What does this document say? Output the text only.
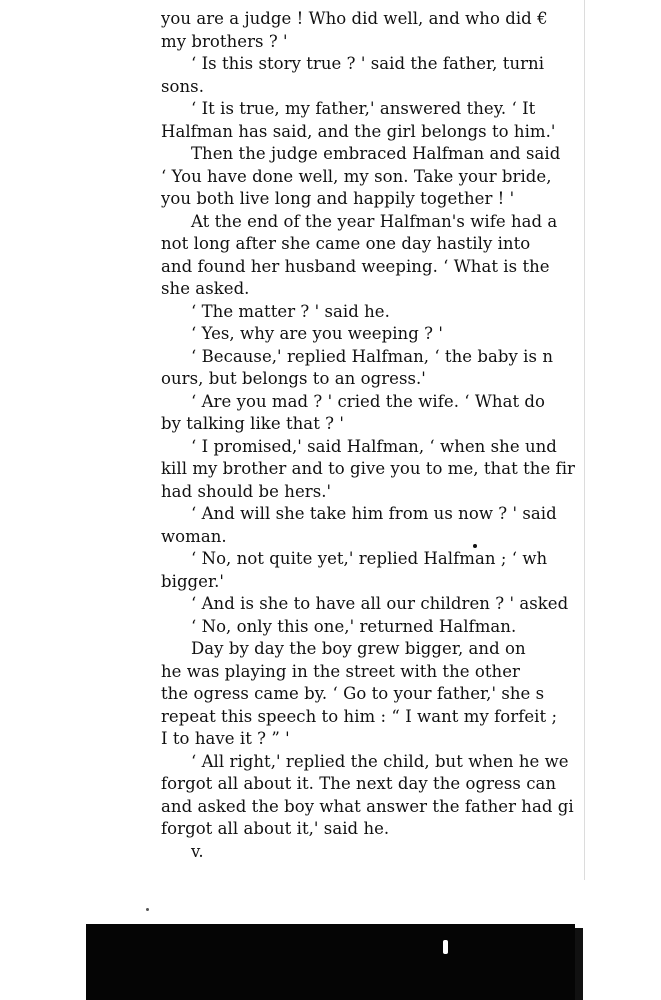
you are a judge ! Who did well, and who did €
my brothers ? '
‘ Is this story true ? ' said the father, turni
sons.
‘ It is true, my father,' answered they. ‘ It
Halfman has said, and the girl belongs to him.'
Then the judge embraced Halfman and said
‘ You have done well, my son. Take your bride,
you both live long and happily together ! '
At the end of the year Halfman's wife had a
not long after she came one day hastily into
and found her husband weeping. ‘ What is the
she asked.
‘ The matter ? ' said he.
‘ Yes, why are you weeping ? '
‘ Because,' replied Halfman, ‘ the baby is n
ours, but belongs to an ogress.'
‘ Are you mad ? ' cried the wife. ‘ What do
by talking like that ? '
‘ I promised,' said Halfman, ‘ when she und
kill my brother and to give you to me, that the fir
had should be hers.'
‘ And will she take him from us now ? ' said
woman.
‘ No, not quite yet,' replied Halfman ; ‘ wh
bigger.'
‘ And is she to have all our children ? ' asked
‘ No, only this one,' returned Halfman.
Day by day the boy grew bigger, and on
he was playing in the street with the other
the ogress came by. ‘ Go to your father,' she s
repeat this speech to him : “ I want my forfeit ;
I to have it ? ” '
‘ All right,' replied the child, but when he we
forgot all about it. The next day the ogress can
and asked the boy what answer the father had gi
forgot all about it,' said he.
v.
